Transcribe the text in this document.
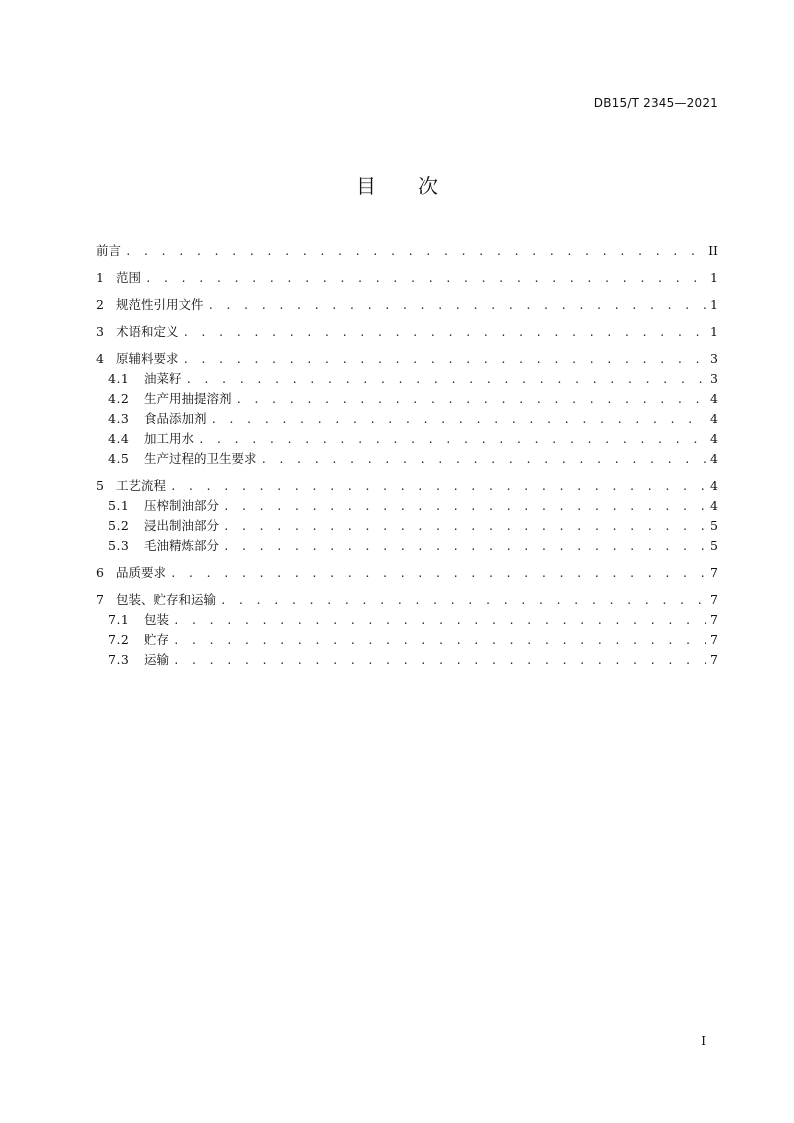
DB15/T 2345—2021
目次
前言 . . .	II
1 范围 . . .	1
2 规范性引用文件 . . .	1
3 术语和定义 . . .	1
4 原辅料要求 . . .	3
4.1	油菜籽 . . .	3
4.2	生产用抽提溶剂 . . .	4
4.3	食品添加剂 . . .	4
4.4	加工用水 . . .	4
4.5	生产过程的卫生要求 . . .	4
5 工艺流程 . . .	4
5.1	压榨制油部分 . . .	4
5.2	浸出制油部分 . . .	5
5.3	毛油精炼部分 . . .	5
6 品质要求 . . .	7
7 包装、贮存和运输 . . .	7
7.1	包装 . . .	7
7.2	贮存 . . .	7
7.3	运输 . . .	7
I
